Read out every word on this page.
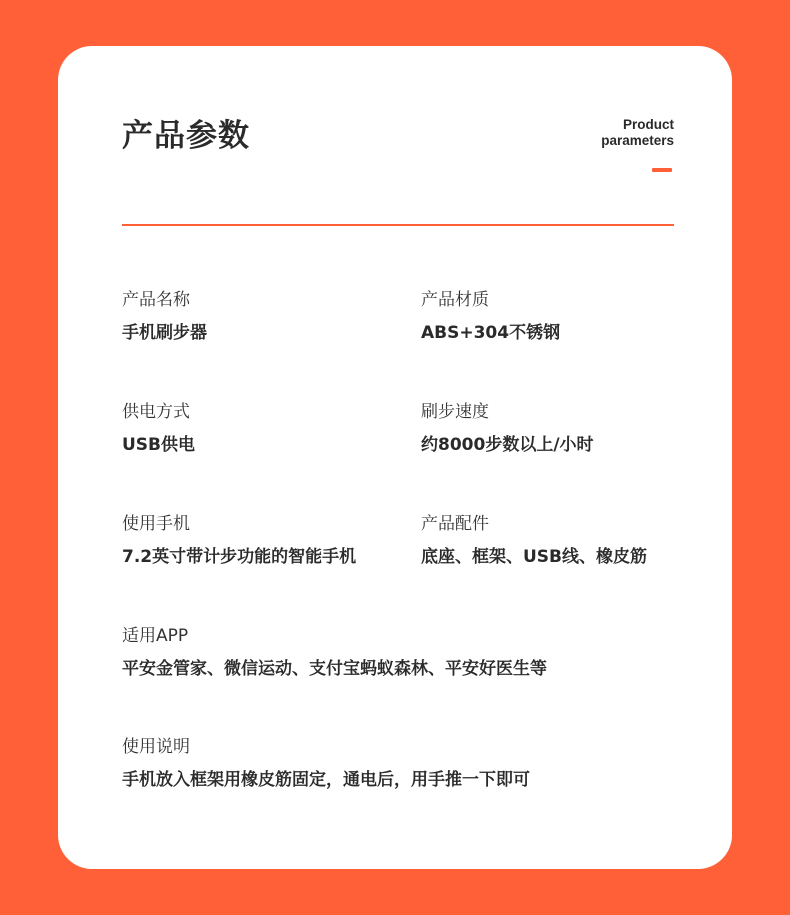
产品参数	Product
parameters
产品名称
手机刷步器
产品材质
ABS+304不锈钢
供电方式
USB供电
刷步速度
约8000步数以上/小时
使用手机
7.2英寸带计步功能的智能手机
产品配件
底座、框架、USB线、橡皮筋
适用APP
平安金管家、微信运动、支付宝蚂蚁森林、平安好医生等
使用说明
手机放入框架用橡皮筋固定，通电后，用手推一下即可
